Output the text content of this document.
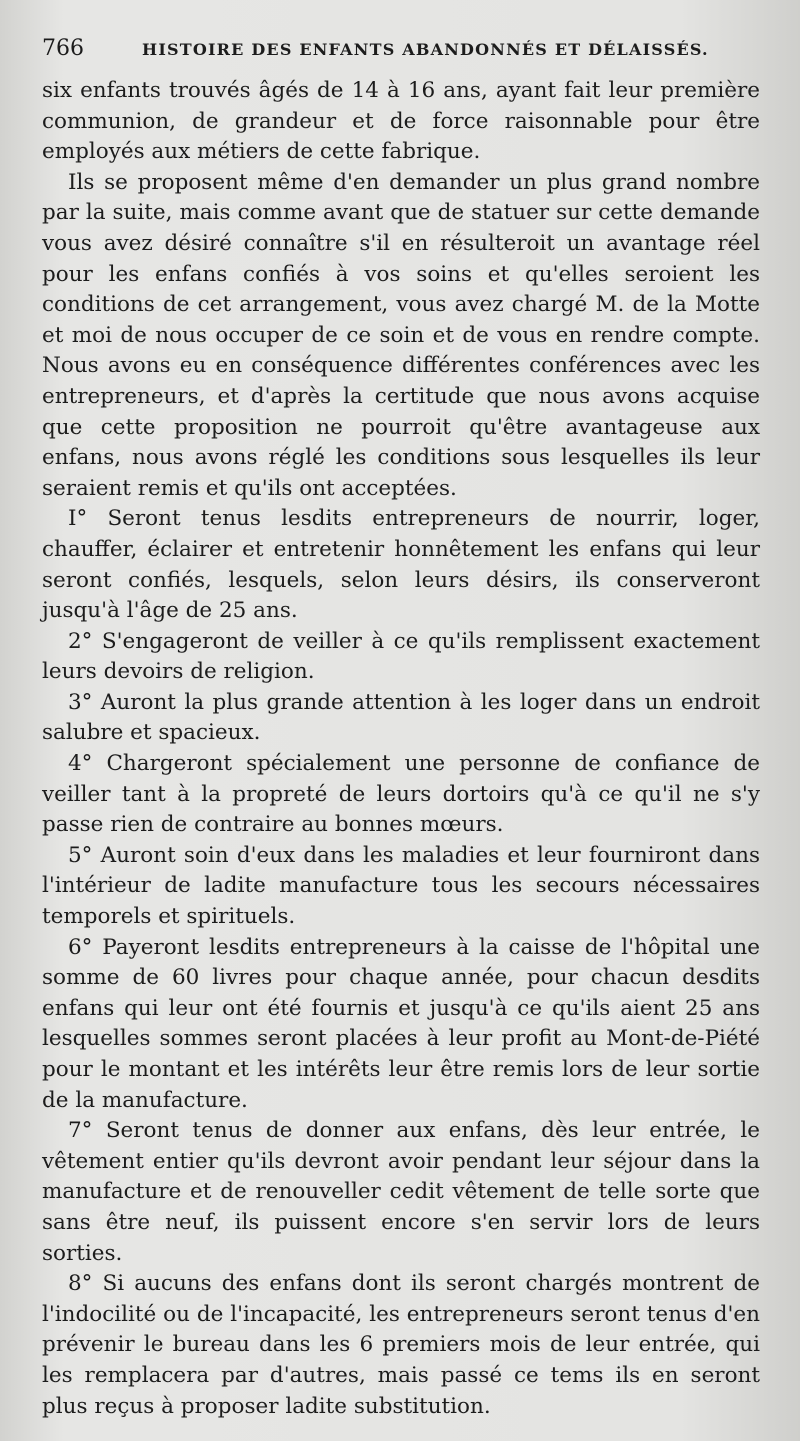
766	HISTOIRE DES ENFANTS ABANDONNÉS ET DÉLAISSÉS.

six enfants trouvés âgés de 14 à 16 ans, ayant fait leur première communion, de grandeur et de force raisonnable pour être employés aux métiers de cette fabrique.

Ils se proposent même d'en demander un plus grand nombre par la suite, mais comme avant que de statuer sur cette demande vous avez désiré connaître s'il en résulteroit un avantage réel pour les enfans confiés à vos soins et qu'elles seroient les conditions de cet arrangement, vous avez chargé M. de la Motte et moi de nous occuper de ce soin et de vous en rendre compte. Nous avons eu en conséquence différentes conférences avec les entrepreneurs, et d'après la certitude que nous avons acquise que cette proposition ne pourroit qu'être avantageuse aux enfans, nous avons réglé les conditions sous lesquelles ils leur seraient remis et qu'ils ont acceptées.

I° Seront tenus lesdits entrepreneurs de nourrir, loger, chauffer, éclairer et entretenir honnêtement les enfans qui leur seront confiés, lesquels, selon leurs désirs, ils conserveront jusqu'à l'âge de 25 ans.

2° S'engageront de veiller à ce qu'ils remplissent exactement leurs devoirs de religion.

3° Auront la plus grande attention à les loger dans un endroit salubre et spacieux.

4° Chargeront spécialement une personne de confiance de veiller tant à la propreté de leurs dortoirs qu'à ce qu'il ne s'y passe rien de contraire au bonnes mœurs.

5° Auront soin d'eux dans les maladies et leur fourniront dans l'intérieur de ladite manufacture tous les secours nécessaires temporels et spirituels.

6° Payeront lesdits entrepreneurs à la caisse de l'hôpital une somme de 60 livres pour chaque année, pour chacun desdits enfans qui leur ont été fournis et jusqu'à ce qu'ils aient 25 ans lesquelles sommes seront placées à leur profit au Mont-de-Piété pour le montant et les intérêts leur être remis lors de leur sortie de la manufacture.

7° Seront tenus de donner aux enfans, dès leur entrée, le vêtement entier qu'ils devront avoir pendant leur séjour dans la manufacture et de renouveller cedit vêtement de telle sorte que sans être neuf, ils puissent encore s'en servir lors de leurs sorties.

8° Si aucuns des enfans dont ils seront chargés montrent de l'indocilité ou de l'incapacité, les entrepreneurs seront tenus d'en prévenir le bureau dans les 6 premiers mois de leur entrée, qui les remplacera par d'autres, mais passé ce tems ils en seront plus reçus à proposer ladite substitution.
